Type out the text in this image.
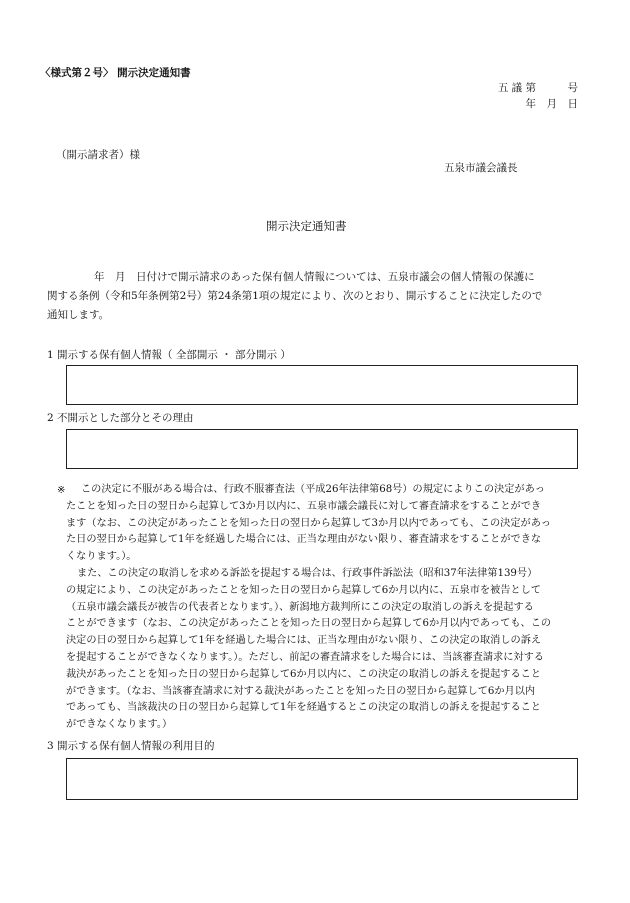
〈様式第２号〉 開示決定通知書
五 議 第　　　号
年　月　日
（開示請求者）様
五泉市議会議長
開示決定通知書
年　月　日付けで開示請求のあった保有個人情報については、五泉市議会の個人情報の保護に
関する条例（令和5年条例第2号）第24条第1項の規定により、次のとおり、開示することに決定したので
通知します。
1 開示する保有個人情報（ 全部開示 ・ 部分開示 ）
2 不開示とした部分とその理由
※	この決定に不服がある場合は、行政不服審査法（平成26年法律第68号）の規定によりこの決定があっ
たことを知った日の翌日から起算して3か月以内に、五泉市議会議長に対して審査請求をすることができ
ます（なお、この決定があったことを知った日の翌日から起算して3か月以内であっても、この決定があっ
た日の翌日から起算して1年を経過した場合には、正当な理由がない限り、審査請求をすることができな
くなります。）。
また、この決定の取消しを求める訴訟を提起する場合は、行政事件訴訟法（昭和37年法律第139号）
の規定により、この決定があったことを知った日の翌日から起算して6か月以内に、五泉市を被告として
（五泉市議会議長が被告の代表者となります。）、新潟地方裁判所にこの決定の取消しの訴えを提起する
ことができます（なお、この決定があったことを知った日の翌日から起算して6か月以内であっても、この
決定の日の翌日から起算して1年を経過した場合には、正当な理由がない限り、この決定の取消しの訴え
を提起することができなくなります。）。ただし、前記の審査請求をした場合には、当該審査請求に対する
裁決があったことを知った日の翌日から起算して6か月以内に、この決定の取消しの訴えを提起すること
ができます。（なお、当該審査請求に対する裁決があったことを知った日の翌日から起算して6か月以内
であっても、当該裁決の日の翌日から起算して1年を経過するとこの決定の取消しの訴えを提起すること
ができなくなります。）
3 開示する保有個人情報の利用目的
